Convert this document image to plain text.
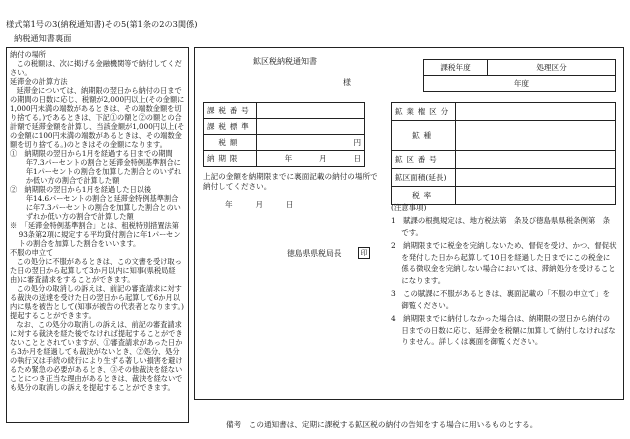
様式第1号の3(納税通知書)その5(第1条の2の3関係)
納税通知書裏面

納付の場所

この税額は、次に掲げる金融機関等で納付してください。

延滞金の計算方法

延滞金については、納期限の翌日から納付の日までの期間の日数に応じ、税額が2,000円以上(その金額に1,000円未満の端数があるときは、その端数金額を切り捨てる。)であるときは、下記①の額と②の額との合計額で延滞金額を計算し、当該金額が1,000円以上(その金額に100円未満の端数があるときは、その端数金額を切り捨てる。)のときはその金額になります。

①　納期限の翌日から1月を経過する日までの期間

年7.3パーセントの割合と延滞金特例基準割合に年1パーセントの割合を加算した割合とのいずれか低い方の割合で計算した額

②　納期限の翌日から1月を経過した日以後

年14.6パーセントの割合と延滞金特例基準割合に年7.3パーセントの割合を加算した割合とのいずれか低い方の割合で計算した額

※　「延滞金特例基準割合」とは、租税特別措置法第93条第2項に規定する平均貸付割合に年1パーセントの割合を加算した割合をいいます。

不服の申立て

この処分に不服があるときは、この文書を受け取った日の翌日から起算して3か月以内に知事(県税局経由)に審査請求をすることができます。

この処分の取消しの訴えは、前記の審査請求に対する裁決の送達を受けた日の翌日から起算して6か月以内に県を被告として(知事が被告の代表者となります。)提起することができます。

なお、この処分の取消しの訴えは、前記の審査請求に対する裁決を経た後でなければ提起することができないこととされていますが、①審査請求があった日から3か月を経過しても裁決がないとき、②処分、処分の執行又は手続の続行により生ずる著しい損害を避けるため緊急の必要があるとき、③その他裁決を経ないことにつき正当な理由があるときは、裁決を経ないでも処分の取消しの訴えを提起することができます。

鉱区税納税通知書
様
課税年度	処理区分
年度
課税番号	
課税標準	
税額	円
納期限	年 月 日
鉱業権区分	
鉱種	
鉱区番号	
鉱区面積(延長)	
税率	
上記の金額を納期限までに裏面記載の納付の場所で納付してください。
年	月	日
徳島県県税局長	印

(注意事項)

1　賦課の根拠規定は、地方税法第　条及び徳島県県税条例第　条です。

2　納期限までに税金を完納しないため、督促を受け、かつ、督促状を発付した日から起算して10日を経過した日までにこの税金に係る徴収金を完納しない場合においては、滞納処分を受けることになります。

3　この賦課に不服があるときは、裏面記載の「不服の申立て」を御覧ください。

4　納期限までに納付しなかった場合は、納期限の翌日から納付の日までの日数に応じ、延滞金を税額に加算して納付しなければなりません。詳しくは裏面を御覧ください。

備考　この通知書は、定期に課税する鉱区税の納付の告知をする場合に用いるものとする。
